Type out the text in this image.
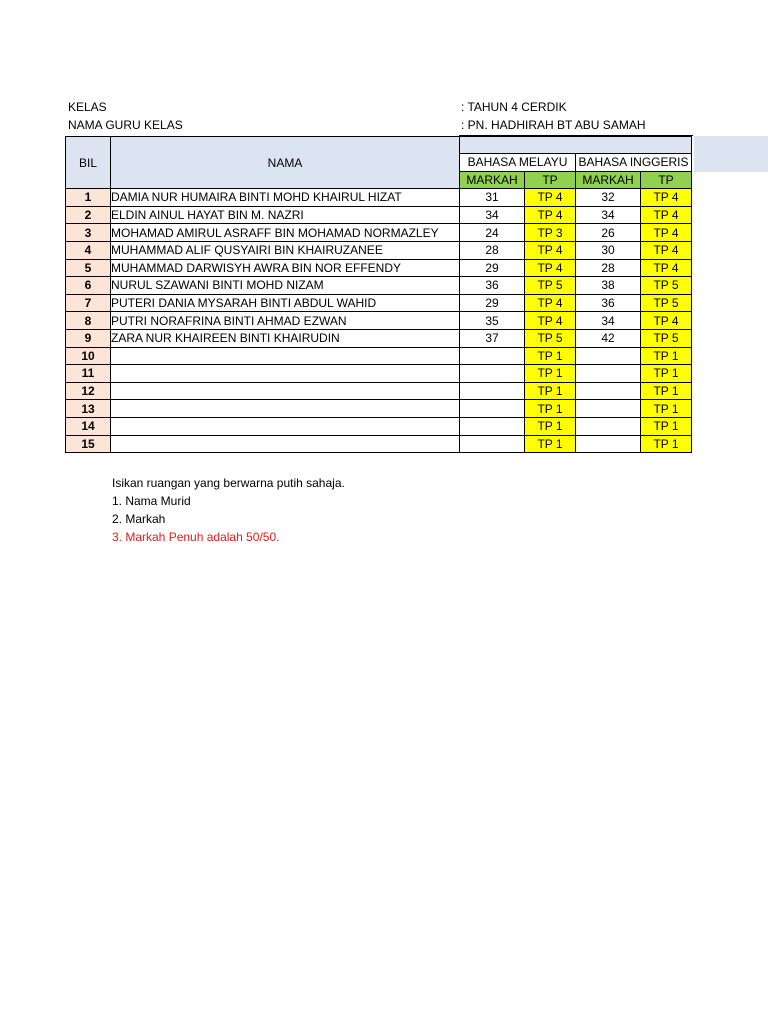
KELAS	: TAHUN 4 CERDIK
NAMA GURU KELAS	: PN. HADHIRAH BT ABU SAMAH
BIL	NAMA				
		BAHASA MELAYU		BAHASA INGGERIS	
		MARKAH	TP	MARKAH	TP
1	DAMIA NUR HUMAIRA BINTI MOHD KHAIRUL HIZAT	31	TP 4	32	TP 4
2	ELDIN AINUL HAYAT BIN M. NAZRI	34	TP 4	34	TP 4
3	MOHAMAD AMIRUL ASRAFF BIN MOHAMAD NORMAZLEY	24	TP 3	26	TP 4
4	MUHAMMAD ALIF QUSYAIRI BIN KHAIRUZANEE	28	TP 4	30	TP 4
5	MUHAMMAD DARWISYH AWRA BIN NOR EFFENDY	29	TP 4	28	TP 4
6	NURUL SZAWANI BINTI MOHD NIZAM	36	TP 5	38	TP 5
7	PUTERI DANIA MYSARAH BINTI ABDUL WAHID	29	TP 4	36	TP 5
8	PUTRI NORAFRINA BINTI AHMAD EZWAN	35	TP 4	34	TP 4
9	ZARA NUR KHAIREEN BINTI KHAIRUDIN	37	TP 5	42	TP 5
10			TP 1		TP 1
11			TP 1		TP 1
12			TP 1		TP 1
13			TP 1		TP 1
14			TP 1		TP 1
15			TP 1		TP 1
Isikan ruangan yang berwarna putih sahaja.
1. Nama Murid
2. Markah
3. Markah Penuh adalah 50/50.
